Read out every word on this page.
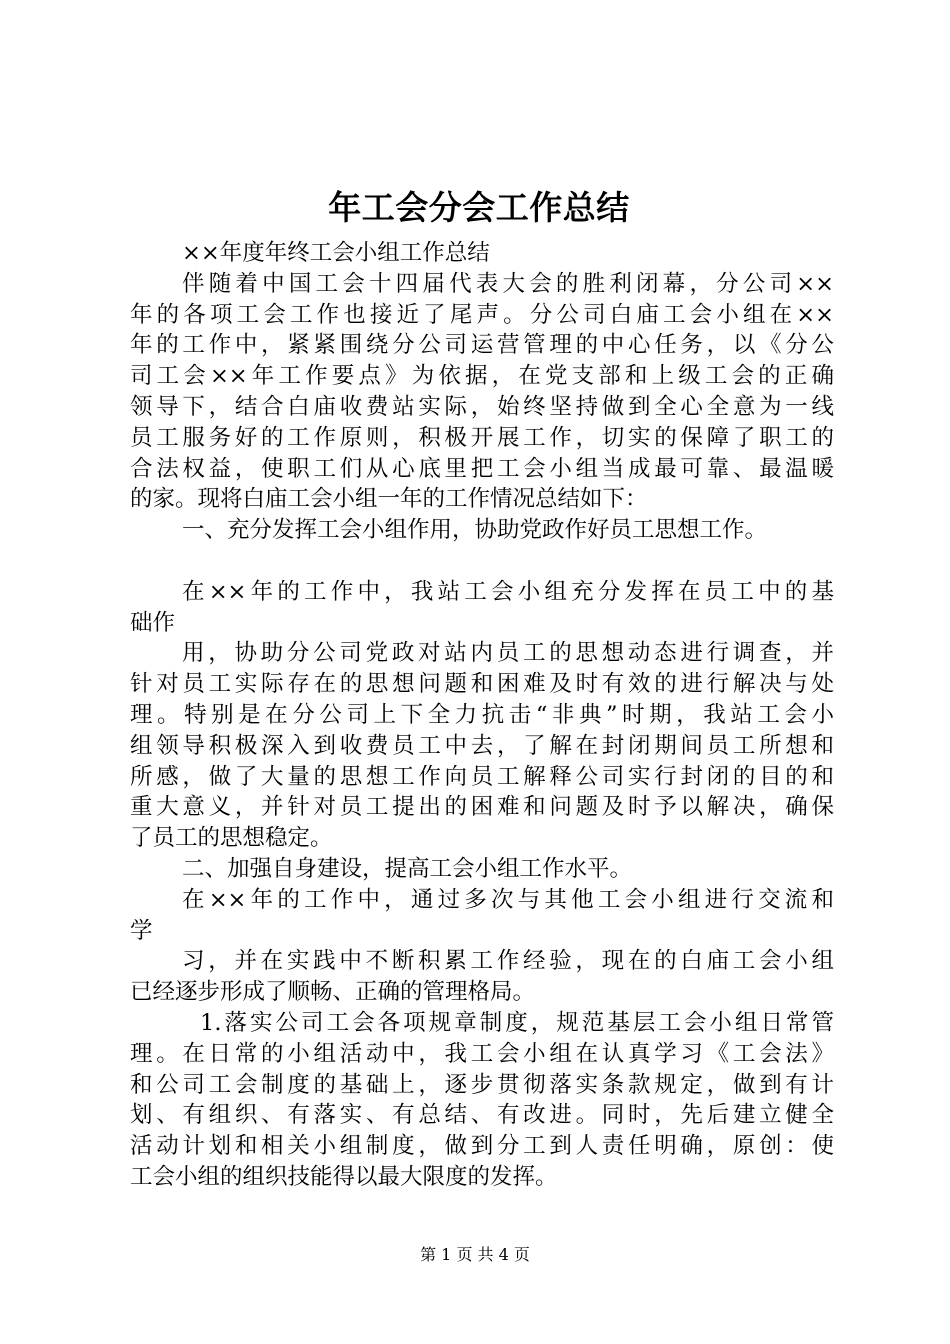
年工会分会工作总结
××年度年终工会小组工作总结
伴随着中国工会十四届代表大会的胜利闭幕，分公司××
年的各项工会工作也接近了尾声。分公司白庙工会小组在××
年的工作中，紧紧围绕分公司运营管理的中心任务，以《分公
司工会××年工作要点》为依据，在党支部和上级工会的正确
领导下，结合白庙收费站实际，始终坚持做到全心全意为一线
员工服务好的工作原则，积极开展工作，切实的保障了职工的
合法权益，使职工们从心底里把工会小组当成最可靠、最温暖
的家。现将白庙工会小组一年的工作情况总结如下：
一、充分发挥工会小组作用，协助党政作好员工思想工作。
在××年的工作中，我站工会小组充分发挥在员工中的基
础作
用，协助分公司党政对站内员工的思想动态进行调查，并
针对员工实际存在的思想问题和困难及时有效的进行解决与处
理。特别是在分公司上下全力抗击“非典”时期，我站工会小
组领导积极深入到收费员工中去，了解在封闭期间员工所想和
所感，做了大量的思想工作向员工解释公司实行封闭的目的和
重大意义，并针对员工提出的困难和问题及时予以解决，确保
了员工的思想稳定。
二、加强自身建设，提高工会小组工作水平。
在××年的工作中，通过多次与其他工会小组进行交流和
学
习，并在实践中不断积累工作经验，现在的白庙工会小组
已经逐步形成了顺畅、正确的管理格局。
1.落实公司工会各项规章制度，规范基层工会小组日常管
理。在日常的小组活动中，我工会小组在认真学习《工会法》
和公司工会制度的基础上，逐步贯彻落实条款规定，做到有计
划、有组织、有落实、有总结、有改进。同时，先后建立健全
活动计划和相关小组制度，做到分工到人责任明确，原创：使
工会小组的组织技能得以最大限度的发挥。
第 1 页 共 4 页
